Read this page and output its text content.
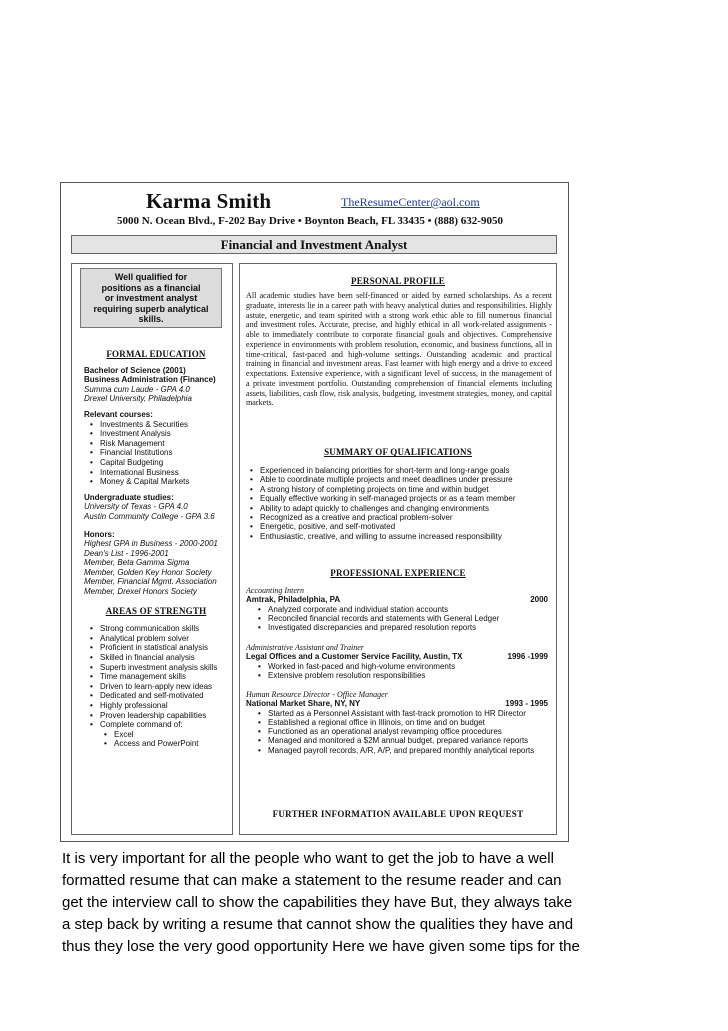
Karma Smith	TheResumeCenter@aol.com
5000 N. Ocean Blvd., F-202 Bay Drive • Boynton Beach, FL 33435 • (888) 632-9050
Financial and Investment Analyst
Well qualified for
positions as a financial
or investment analyst
requiring superb analytical
skills.
FORMAL EDUCATION
Bachelor of Science (2001)
Business Administration (Finance)
Summa cum Laude - GPA 4.0
Drexel University, Philadelphia
Relevant courses:
• Investments & Securities
• Investment Analysis
• Risk Management
• Financial Institutions
• Capital Budgeting
• International Business
• Money & Capital Markets
Undergraduate studies:
University of Texas - GPA 4.0
Austin Community College - GPA 3.6
Honors:
Highest GPA in Business - 2000-2001
Dean's List - 1996-2001
Member, Beta Gamma Sigma
Member, Golden Key Honor Society
Member, Financial Mgmt. Association
Member, Drexel Honors Society
AREAS OF STRENGTH
• Strong communication skills
• Analytical problem solver
• Proficient in statistical analysis
• Skilled in financial analysis
• Superb investment analysis skills
• Time management skills
• Driven to learn-apply new ideas
• Dedicated and self-motivated
• Highly professional
• Proven leadership capabilities
• Complete command of:
• Excel
• Access and PowerPoint
PERSONAL PROFILE
All academic studies have been self-financed or aided by earned scholarships. As a recent graduate, interests lie in a career path with heavy analytical duties and responsibilities. Highly astute, energetic, and team spirited with a strong work ethic able to fill numerous financial and investment roles. Accurate, precise, and highly ethical in all work-related assignments - able to immediately contribute to corporate financial goals and objectives. Comprehensive experience in environments with problem resolution, economic, and business functions, all in time-critical, fast-paced and high-volume settings. Outstanding academic and practical training in financial and investment areas. Fast learner with high energy and a drive to exceed expectations. Extensive experience, with a significant level of success, in the management of a private investment portfolio. Outstanding comprehension of financial elements including assets, liabilities, cash flow, risk analysis, budgeting, investment strategies, money, and capital markets.
SUMMARY OF QUALIFICATIONS
• Experienced in balancing priorities for short-term and long-range goals
• Able to coordinate multiple projects and meet deadlines under pressure
• A strong history of completing projects on time and within budget
• Equally effective working in self-managed projects or as a team member
• Ability to adapt quickly to challenges and changing environments
• Recognized as a creative and practical problem-solver
• Energetic, positive, and self-motivated
• Enthusiastic, creative, and willing to assume increased responsibility
PROFESSIONAL EXPERIENCE
Accounting Intern
Amtrak, Philadelphia, PA	2000
• Analyzed corporate and individual station accounts
• Reconciled financial records and statements with General Ledger
• Investigated discrepancies and prepared resolution reports
Administrative Assistant and Trainer
Legal Offices and a Customer Service Facility, Austin, TX	1996 -1999
• Worked in fast-paced and high-volume environments
• Extensive problem resolution responsibilities
Human Resource Director - Office Manager
National Market Share, NY, NY	1993 - 1995
• Started as a Personnel Assistant with fast-track promotion to HR Director
• Established a regional office in Illinois, on time and on budget
• Functioned as an operational analyst revamping office procedures
• Managed and monitored a $2M annual budget, prepared variance reports
• Managed payroll records, A/R, A/P, and prepared monthly analytical reports
FURTHER INFORMATION AVAILABLE UPON REQUEST
It is very important for all the people who want to get the job to have a well
formatted resume that can make a statement to the resume reader and can
get the interview call to show the capabilities they have But, they always take
a step back by writing a resume that cannot show the qualities they have and
thus they lose the very good opportunity Here we have given some tips for the
